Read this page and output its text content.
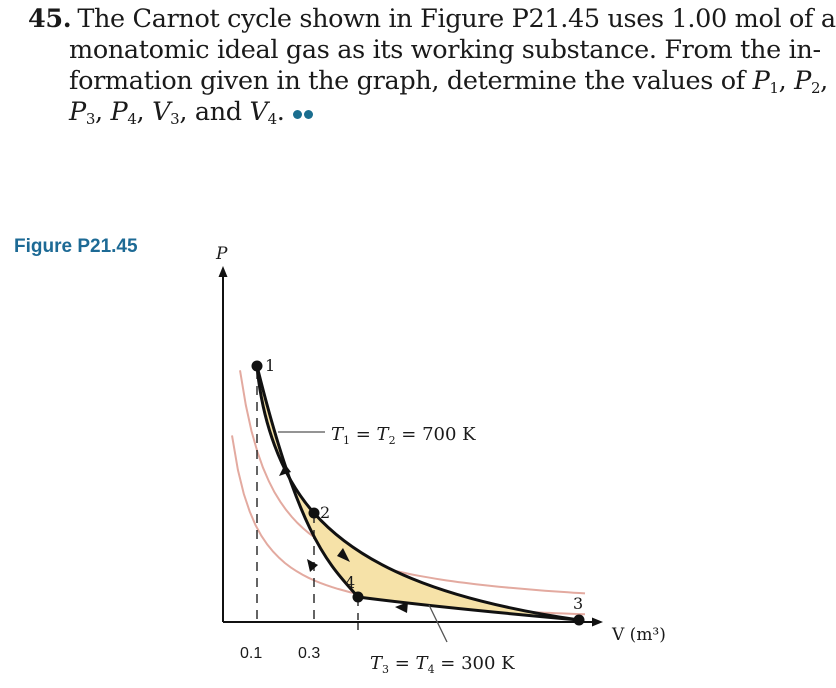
45. The Carnot cycle shown in Figure P21.45 uses 1.00 mol of a
monatomic ideal gas as its working substance. From the in-
formation given in the graph, determine the values of $P_1$, $P_2$,
$P_3$, $P_4$, $V_3$, and $V_4$.
Figure P21.45
1
2
3
4
P
V (m³)
0.1 0.3
$T_1 = T_2 = 700$ K
$T_3 = T_4 = 300$ K
